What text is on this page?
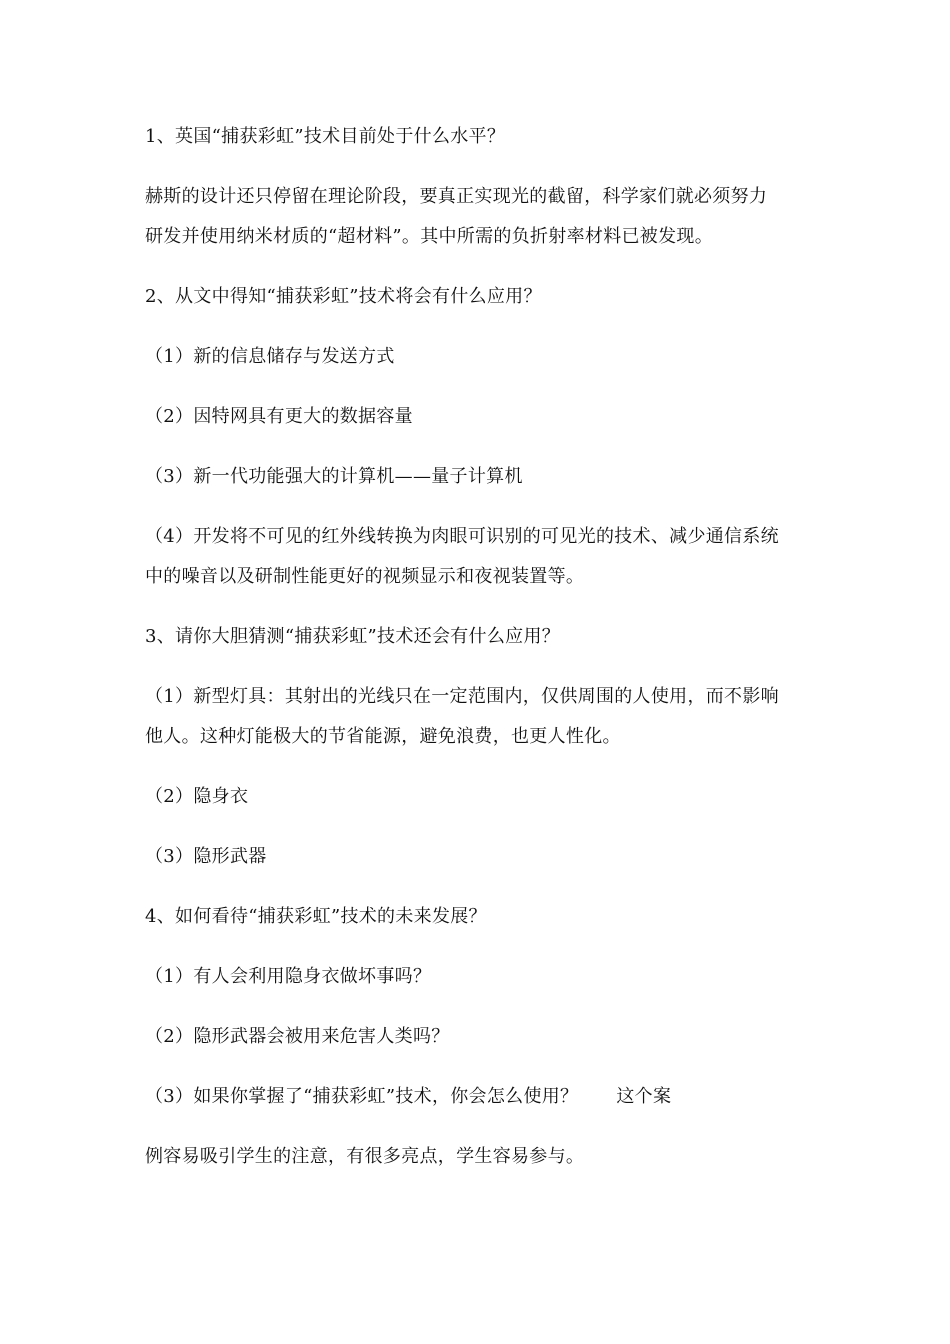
1、英国“捕获彩虹”技术目前处于什么水平？
赫斯的设计还只停留在理论阶段，要真正实现光的截留，科学家们就必须努力
研发并使用纳米材质的“超材料”。其中所需的负折射率材料已被发现。
2、从文中得知“捕获彩虹”技术将会有什么应用？
（1）新的信息储存与发送方式
（2）因特网具有更大的数据容量
（3）新一代功能强大的计算机——量子计算机
（4）开发将不可见的红外线转换为肉眼可识别的可见光的技术、减少通信系统
中的噪音以及研制性能更好的视频显示和夜视装置等。
3、请你大胆猜测“捕获彩虹”技术还会有什么应用？
（1）新型灯具：其射出的光线只在一定范围内，仅供周围的人使用，而不影响
他人。这种灯能极大的节省能源，避免浪费，也更人性化。
（2）隐身衣
（3）隐形武器
4、如何看待“捕获彩虹”技术的未来发展？
（1）有人会利用隐身衣做坏事吗？
（2）隐形武器会被用来危害人类吗？
（3）如果你掌握了“捕获彩虹”技术，你会怎么使用？ 这个案
例容易吸引学生的注意，有很多亮点，学生容易参与。
